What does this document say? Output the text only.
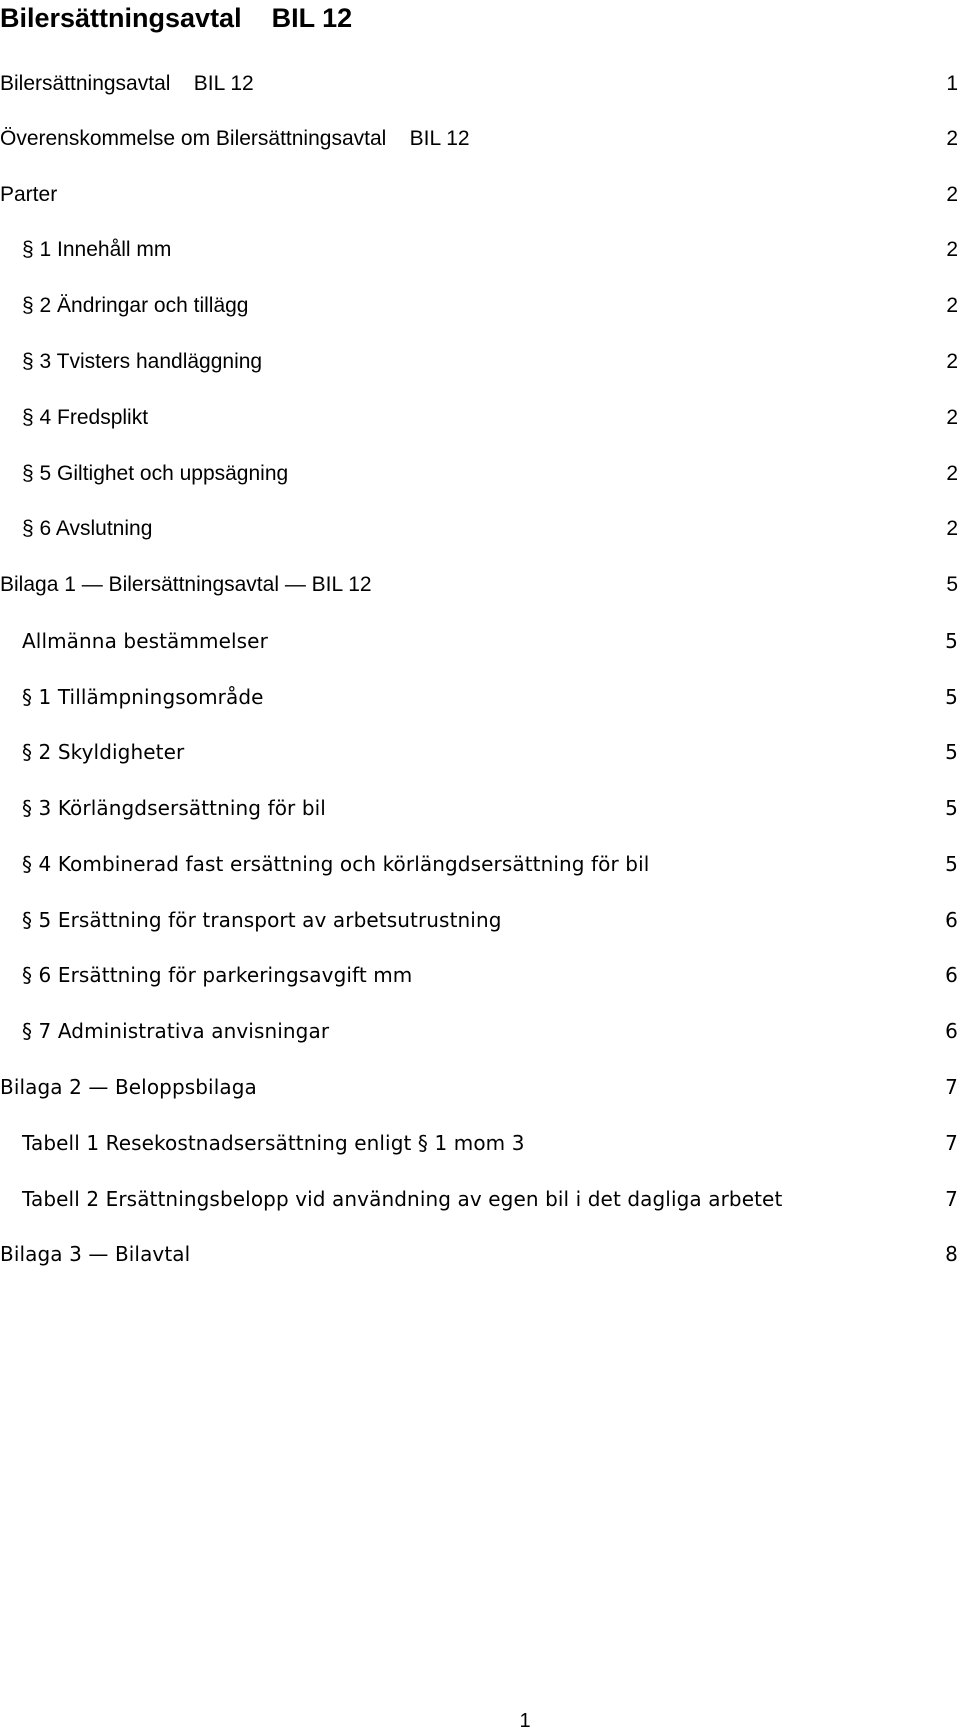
Bilersättningsavtal    BIL 12
Bilersättningsavtal    BIL 12	1
Överenskommelse om Bilersättningsavtal    BIL 12	2
Parter	2
§ 1 Innehåll mm	2
§ 2 Ändringar och tillägg	2
§ 3 Tvisters handläggning	2
§ 4 Fredsplikt	2
§ 5 Giltighet och uppsägning	2
§ 6 Avslutning	2
Bilaga 1 — Bilersättningsavtal — BIL 12	5
Allmänna bestämmelser	5
§ 1 Tillämpningsområde	5
§ 2 Skyldigheter	5
§ 3 Körlängdsersättning för bil	5
§ 4 Kombinerad fast ersättning och körlängdsersättning för bil	5
§ 5 Ersättning för transport av arbetsutrustning	6
§ 6 Ersättning för parkeringsavgift mm	6
§ 7 Administrativa anvisningar	6
Bilaga 2 — Beloppsbilaga	7
Tabell 1 Resekostnadsersättning enligt § 1 mom 3	7
Tabell 2 Ersättningsbelopp vid användning av egen bil i det dagliga arbetet	7
Bilaga 3 — Bilavtal	8
1
